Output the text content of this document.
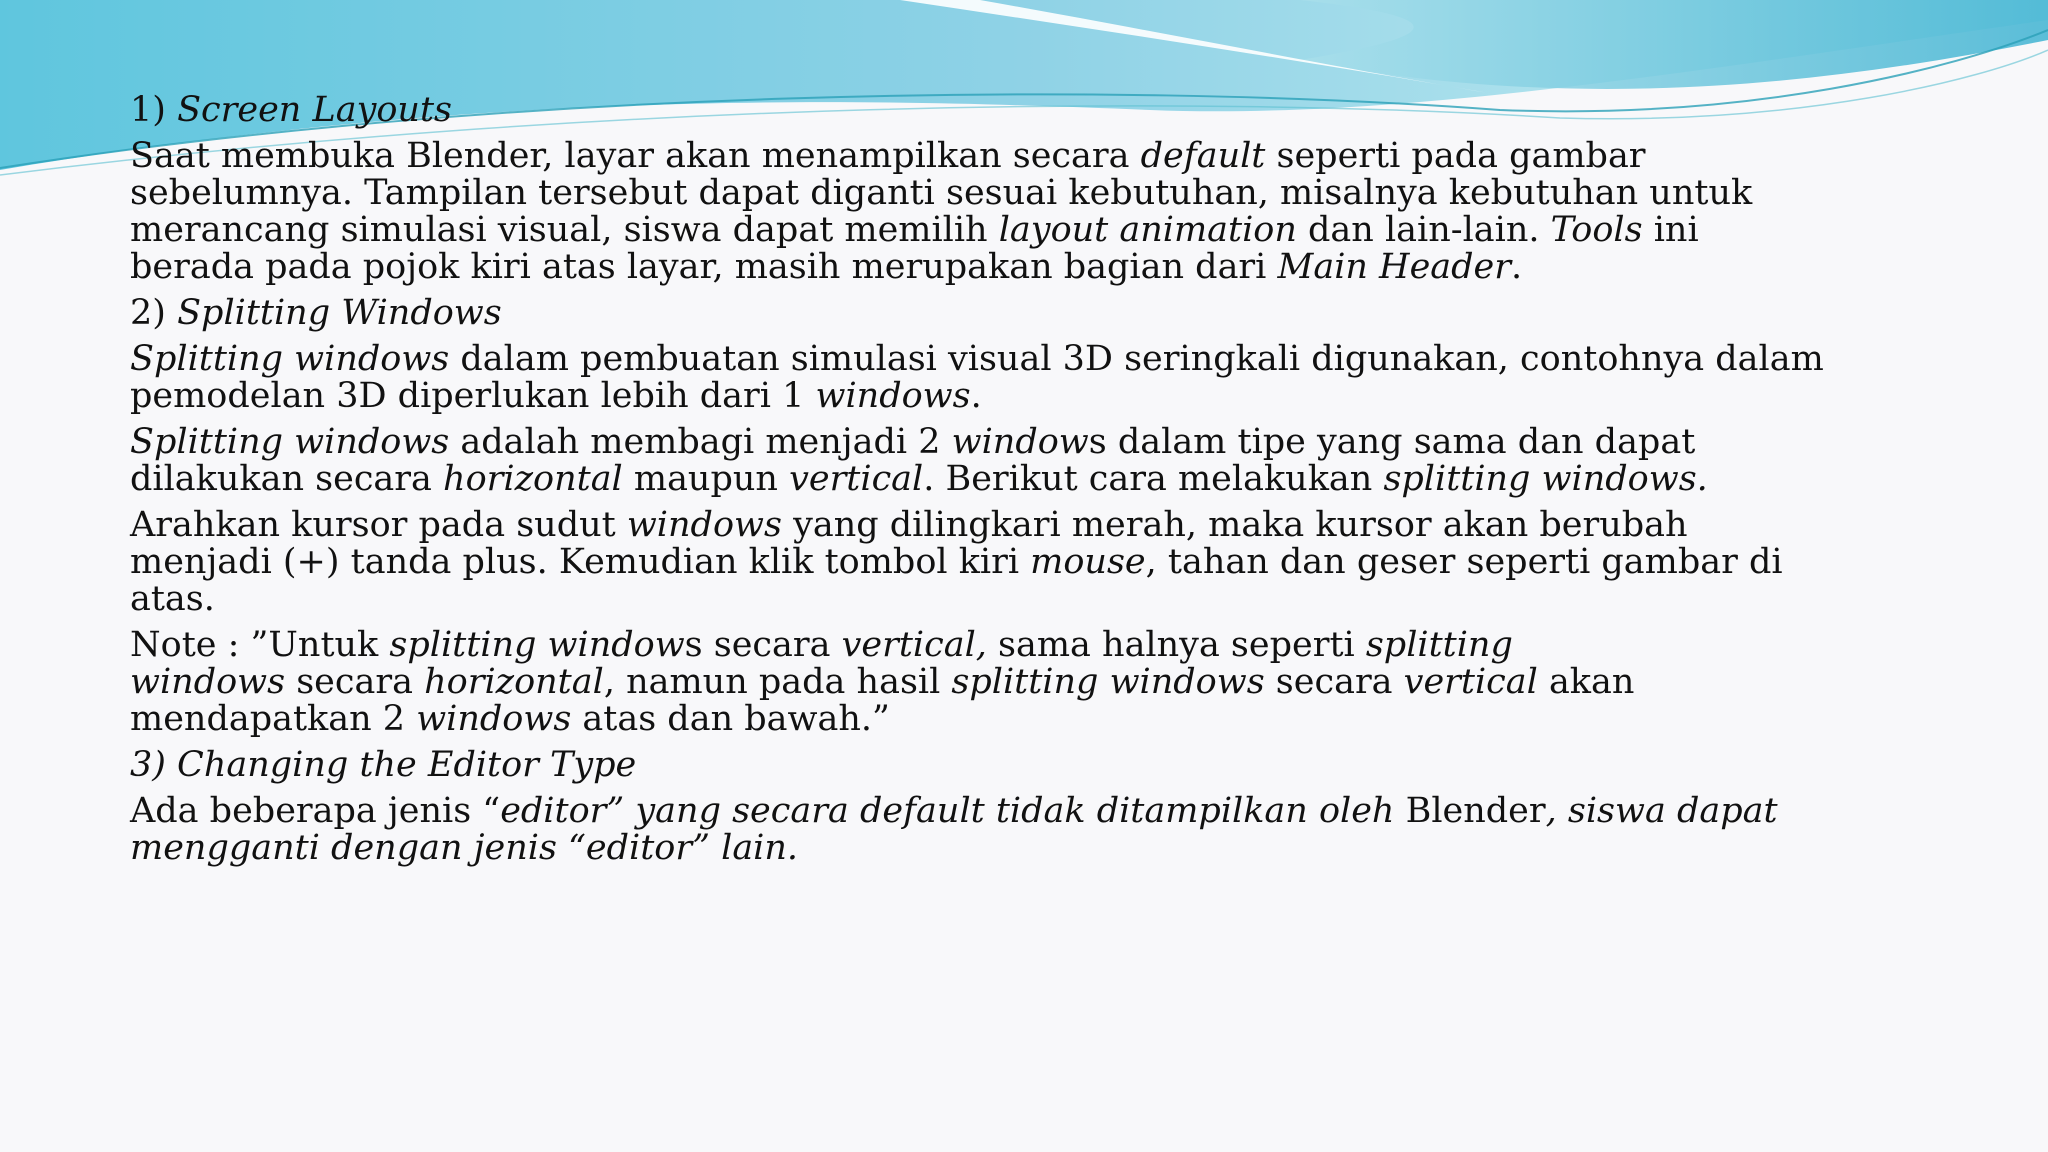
1) Screen Layouts

Saat membuka Blender, layar akan menampilkan secara default seperti pada gambar sebelumnya. Tampilan tersebut dapat diganti sesuai kebutuhan, misalnya kebutuhan untuk merancang simulasi visual, siswa dapat memilih layout animation dan lain-lain. Tools ini berada pada pojok kiri atas layar, masih merupakan bagian dari Main Header.

2) Splitting Windows

Splitting windows dalam pembuatan simulasi visual 3D seringkali digunakan, contohnya dalam pemodelan 3D diperlukan lebih dari 1 windows.

Splitting windows adalah membagi menjadi 2 windows dalam tipe yang sama dan dapat dilakukan secara horizontal maupun vertical. Berikut cara melakukan splitting windows.

Arahkan kursor pada sudut windows yang dilingkari merah, maka kursor akan berubah menjadi (+) tanda plus. Kemudian klik tombol kiri mouse, tahan dan geser seperti gambar di atas.

Note : ”Untuk splitting windows secara vertical, sama halnya seperti splitting
windows secara horizontal, namun pada hasil splitting windows secara vertical akan mendapatkan 2 windows atas dan bawah.”

3) Changing the Editor Type

Ada beberapa jenis “editor” yang secara default tidak ditampilkan oleh Blender, siswa dapat mengganti dengan jenis “editor” lain.
